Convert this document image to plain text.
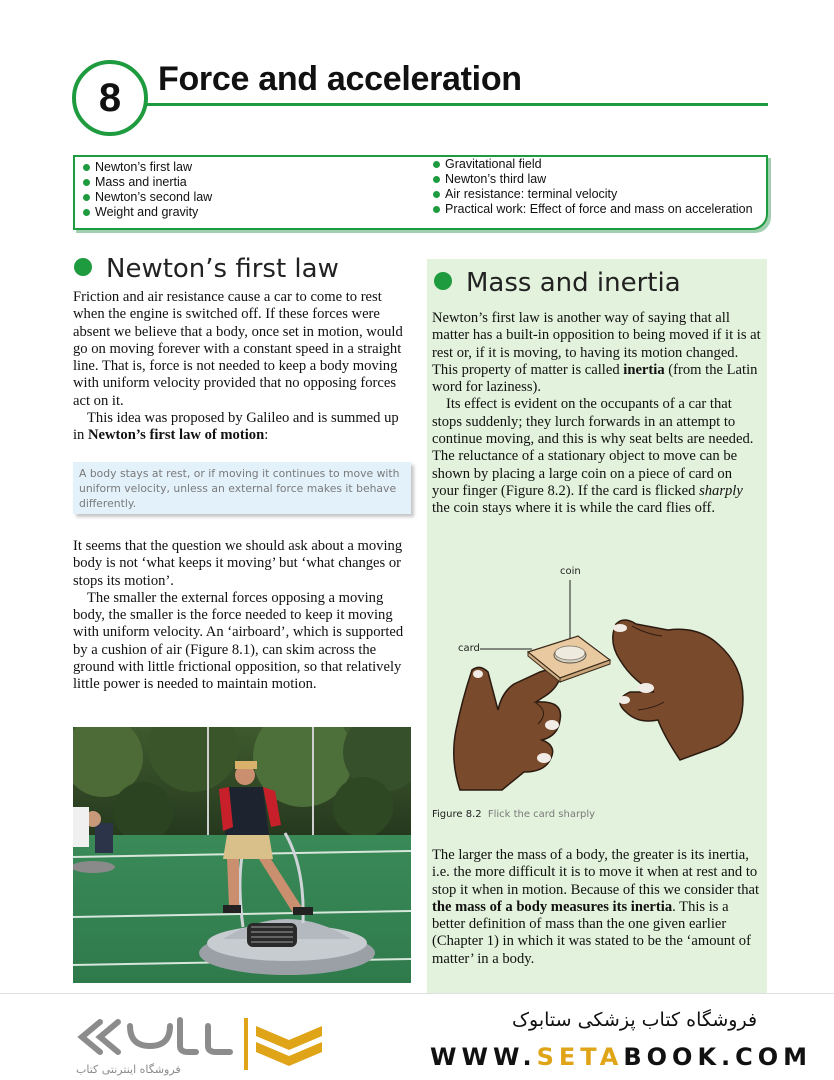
8 Force and acceleration
Newton’s first law
Mass and inertia
Newton’s second law
Weight and gravity
Gravitational field
Newton’s third law
Air resistance: terminal velocity
Practical work: Effect of force and mass on acceleration
Newton’s first law

Friction and air resistance cause a car to come to rest when the engine is switched off. If these forces were absent we believe that a body, once set in motion, would go on moving forever with a constant speed in a straight line. That is, force is not needed to keep a body moving with uniform velocity provided that no opposing forces act on it.

This idea was proposed by Galileo and is summed up in Newton’s first law of motion:

A body stays at rest, or if moving it continues to move with uniform velocity, unless an external force makes it behave differently.

It seems that the question we should ask about a moving body is not ‘what keeps it moving’ but ‘what changes or stops its motion’.

The smaller the external forces opposing a moving body, the smaller is the force needed to keep it moving with uniform velocity. An ‘airboard’, which is supported by a cushion of air (Figure 8.1), can skim across the ground with little frictional opposition, so that relatively little power is needed to maintain motion.

Mass and inertia

Newton’s first law is another way of saying that all matter has a built-in opposition to being moved if it is at rest or, if it is moving, to having its motion changed. This property of matter is called inertia (from the Latin word for laziness).

Its effect is evident on the occupants of a car that stops suddenly; they lurch forwards in an attempt to continue moving, and this is why seat belts are needed. The reluctance of a stationary object to move can be shown by placing a large coin on a piece of card on your finger (Figure 8.2). If the card is flicked sharply the coin stays where it is while the card flies off.

coin
card
Figure 8.2 Flick the card sharply

The larger the mass of a body, the greater is its inertia, i.e. the more difficult it is to move it when at rest and to stop it when in motion. Because of this we consider that the mass of a body measures its inertia. This is a better definition of mass than the one given earlier (Chapter 1) in which it was stated to be the ‘amount of matter’ in a body.

فروشگاه اینترنتی کتاب
فروشگاه کتاب پزشکی ستابوک
WWW.SETABOOK.COM
